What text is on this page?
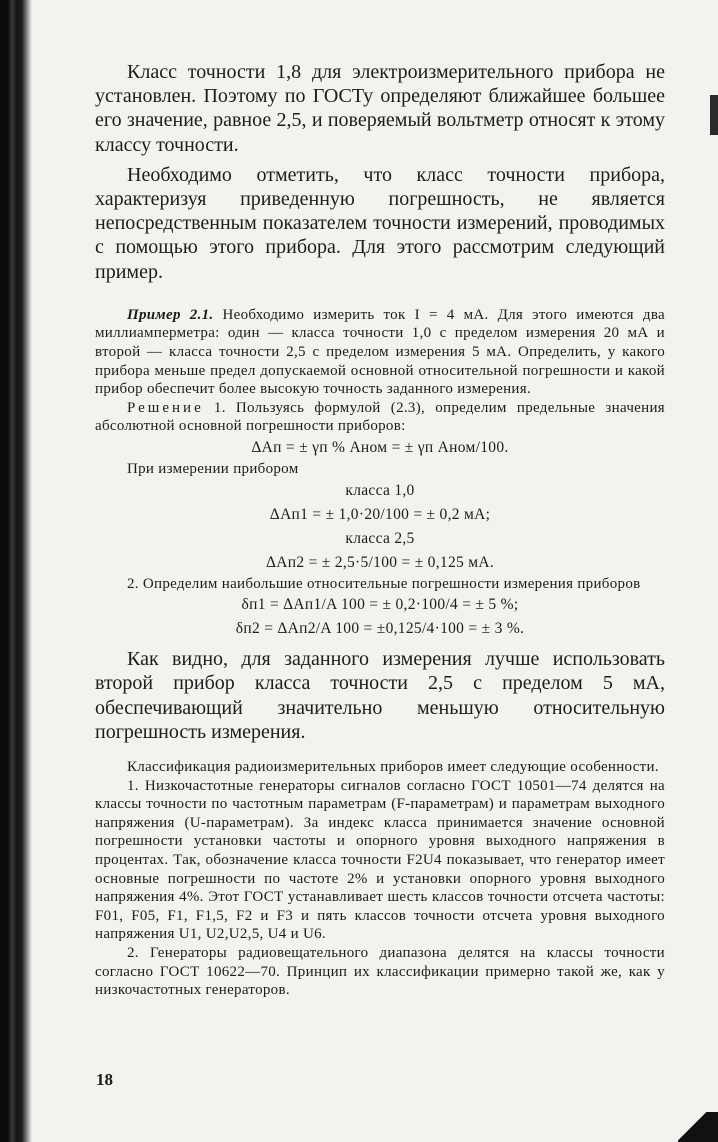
Класс точности 1,8 для электроизмерительного прибора не установлен. Поэтому по ГОСТу определяют ближайшее большее его значение, равное 2,5, и поверяемый вольтметр относят к этому классу точности.

Необходимо отметить, что класс точности прибора, характеризуя приведенную погрешность, не является непосредственным показателем точности измерений, проводимых с помощью этого прибора. Для этого рассмотрим следующий пример.

Пример 2.1. Необходимо измерить ток I = 4 мА. Для этого имеются два миллиамперметра: один — класса точности 1,0 с пределом измерения 20 мА и второй — класса точности 2,5 с пределом измерения 5 мА. Определить, у какого прибора меньше предел допускаемой основной относительной погрешности и какой прибор обеспечит более высокую точность заданного измерения.

Решение 1. Пользуясь формулой (2.3), определим предельные значения абсолютной основной погрешности приборов:

ΔAп = ± γп % Aном = ± γп Aном/100.

При измерении прибором

класса 1,0

ΔAп1 = ± 1,0·20/100 = ± 0,2 мА;

класса 2,5

ΔAп2 = ± 2,5·5/100 = ± 0,125 мА.

2. Определим наибольшие относительные погрешности измерения приборов

δп1 = ΔAп1/A 100 = ± 0,2·100/4 = ± 5 %;

δп2 = ΔAп2/A 100 = ±0,125/4·100 = ± 3 %.

Как видно, для заданного измерения лучше использовать второй прибор класса точности 2,5 с пределом 5 мА, обеспечивающий значительно меньшую относительную погрешность измерения.

Классификация радиоизмерительных приборов имеет следующие особенности.

1. Низкочастотные генераторы сигналов согласно ГОСТ 10501—74 делятся на классы точности по частотным параметрам (F-параметрам) и параметрам выходного напряжения (U-параметрам). За индекс класса принимается значение основной погрешности установки частоты и опорного уровня выходного напряжения в процентах. Так, обозначение класса точности F2U4 показывает, что генератор имеет основные погрешности по частоте 2% и установки опорного уровня выходного напряжения 4%. Этот ГОСТ устанавливает шесть классов точности отсчета частоты: F01, F05, F1, F1,5, F2 и F3 и пять классов точности отсчета уровня выходного напряжения U1, U2,U2,5, U4 и U6.

2. Генераторы радиовещательного диапазона делятся на классы точности согласно ГОСТ 10622—70. Принцип их классификации примерно такой же, как у низкочастотных генераторов.

18
